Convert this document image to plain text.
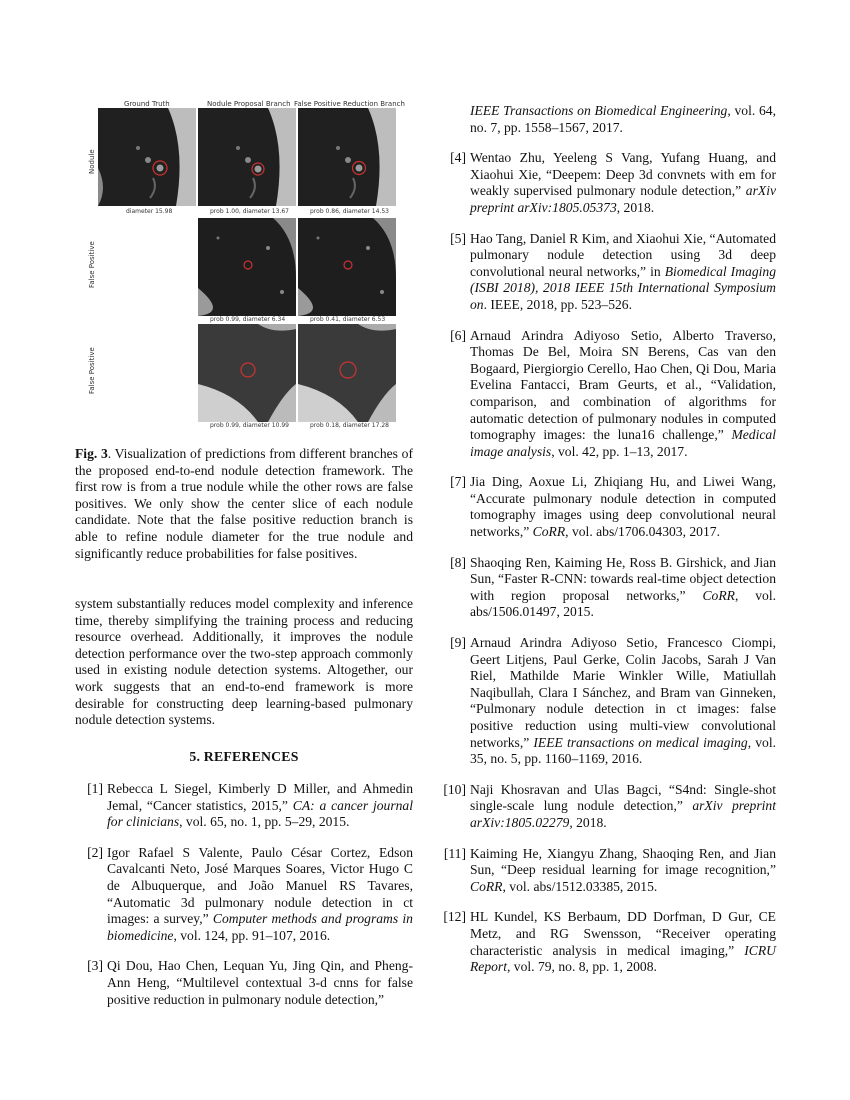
Ground Truth	Nodule Proposal Branch False Positive Reduction Branch
Nodule
False Positive
False Positive
diameter 15.98	prob 1.00, diameter 13.67	prob 0.86, diameter 14.53
prob 0.99, diameter 6.34	prob 0.41, diameter 6.53
prob 0.99, diameter 10.99	prob 0.18, diameter 17.28
Fig. 3. Visualization of predictions from different branches of the proposed end-to-end nodule detection framework. The first row is from a true nodule while the other rows are false positives. We only show the center slice of each nodule candidate. Note that the false positive reduction branch is able to refine nodule diameter for the true nodule and significantly reduce probabilities for false positives.
system substantially reduces model complexity and inference time, thereby simplifying the training process and reducing resource overhead. Additionally, it improves the nodule detection performance over the two-step approach commonly used in existing nodule detection systems. Altogether, our work suggests that an end-to-end framework is more desirable for constructing deep learning-based pulmonary nodule detection systems.
5. REFERENCES
[1] Rebecca L Siegel, Kimberly D Miller, and Ahmedin Jemal, “Cancer statistics, 2015,” CA: a cancer journal for clinicians, vol. 65, no. 1, pp. 5–29, 2015.
[2] Igor Rafael S Valente, Paulo César Cortez, Edson Cavalcanti Neto, José Marques Soares, Victor Hugo C de Albuquerque, and João Manuel RS Tavares, “Automatic 3d pulmonary nodule detection in ct images: a survey,” Computer methods and programs in biomedicine, vol. 124, pp. 91–107, 2016.
[3] Qi Dou, Hao Chen, Lequan Yu, Jing Qin, and Pheng-Ann Heng, “Multilevel contextual 3-d cnns for false positive reduction in pulmonary nodule detection,”
IEEE Transactions on Biomedical Engineering, vol. 64, no. 7, pp. 1558–1567, 2017.
[4] Wentao Zhu, Yeeleng S Vang, Yufang Huang, and Xiaohui Xie, “Deepem: Deep 3d convnets with em for weakly supervised pulmonary nodule detection,” arXiv preprint arXiv:1805.05373, 2018.
[5] Hao Tang, Daniel R Kim, and Xiaohui Xie, “Automated pulmonary nodule detection using 3d deep convolutional neural networks,” in Biomedical Imaging (ISBI 2018), 2018 IEEE 15th International Symposium on. IEEE, 2018, pp. 523–526.
[6] Arnaud Arindra Adiyoso Setio, Alberto Traverso, Thomas De Bel, Moira SN Berens, Cas van den Bogaard, Piergiorgio Cerello, Hao Chen, Qi Dou, Maria Evelina Fantacci, Bram Geurts, et al., “Validation, comparison, and combination of algorithms for automatic detection of pulmonary nodules in computed tomography images: the luna16 challenge,” Medical image analysis, vol. 42, pp. 1–13, 2017.
[7] Jia Ding, Aoxue Li, Zhiqiang Hu, and Liwei Wang, “Accurate pulmonary nodule detection in computed tomography images using deep convolutional neural networks,” CoRR, vol. abs/1706.04303, 2017.
[8] Shaoqing Ren, Kaiming He, Ross B. Girshick, and Jian Sun, “Faster R-CNN: towards real-time object detection with region proposal networks,” CoRR, vol. abs/1506.01497, 2015.
[9] Arnaud Arindra Adiyoso Setio, Francesco Ciompi, Geert Litjens, Paul Gerke, Colin Jacobs, Sarah J Van Riel, Mathilde Marie Winkler Wille, Matiullah Naqibullah, Clara I Sánchez, and Bram van Ginneken, “Pulmonary nodule detection in ct images: false positive reduction using multi-view convolutional networks,” IEEE transactions on medical imaging, vol. 35, no. 5, pp. 1160–1169, 2016.
[10] Naji Khosravan and Ulas Bagci, “S4nd: Single-shot single-scale lung nodule detection,” arXiv preprint arXiv:1805.02279, 2018.
[11] Kaiming He, Xiangyu Zhang, Shaoqing Ren, and Jian Sun, “Deep residual learning for image recognition,” CoRR, vol. abs/1512.03385, 2015.
[12] HL Kundel, KS Berbaum, DD Dorfman, D Gur, CE Metz, and RG Swensson, “Receiver operating characteristic analysis in medical imaging,” ICRU Report, vol. 79, no. 8, pp. 1, 2008.
